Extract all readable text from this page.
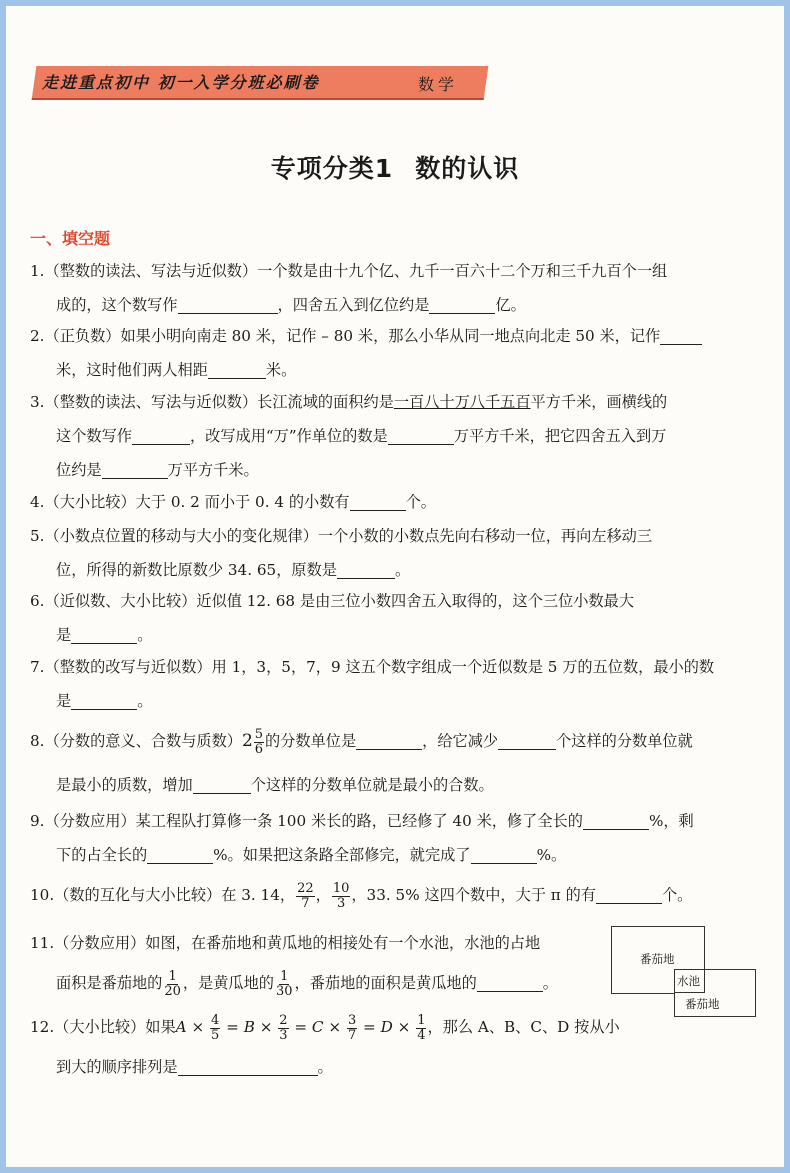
走进重点初中 初一入学分班必刷卷	数学
专项分类1 数的认识
一、填空题
1.（整数的读法、写法与近似数）一个数是由十九个亿、九千一百六十二个万和三千九百个一组
成的，这个数写作	，四舍五入到亿位约是	亿。
2.（正负数）如果小明向南走 80 米，记作 – 80 米，那么小华从同一地点向北走 50 米，记作
米，这时他们两人相距	米。
3.（整数的读法、写法与近似数）长江流域的面积约是一百八十万八千五百平方千米，画横线的
这个数写作	，改写成用“万”作单位的数是	万平方千米，把它四舍五入到万
位约是	万平方千米。
4.（大小比较）大于 0. 2 而小于 0. 4 的小数有	个。
5.（小数点位置的移动与大小的变化规律）一个小数的小数点先向右移动一位，再向左移动三
位，所得的新数比原数少 34. 65，原数是	。
6.（近似数、大小比较）近似值 12. 68 是由三位小数四舍五入取得的，这个三位小数最大
是	。
7.（整数的改写与近似数）用 1，3，5，7，9 这五个数字组成一个近似数是 5 万的五位数，最小的数
是	。
8.（分数的意义、合数与质数）$2 \frac{5}{6}$ 的分数单位是	，给它减少	个这样的分数单位就
是最小的质数，增加	个这样的分数单位就是最小的合数。
9.（分数应用）某工程队打算修一条 100 米长的路，已经修了 40 米，修了全长的	%，剩
下的占全长的	%。如果把这条路全部修完，就完成了	%。
10.（数的互化与大小比较）在 3. 14， $\frac{22}{7}$ ， $\frac{10}{3}$ ，33. 5% 这四个数中，大于 π 的有	个。
11.（分数应用）如图，在番茄地和黄瓜地的相接处有一个水池，水池的占地
面积是番茄地的 $\frac{1}{20}$ ，是黄瓜地的 $\frac{1}{30}$ ，番茄地的面积是黄瓜地的	。
番茄地
番茄地
水池
12.（大小比较）如果$A \times \frac{4}{5} = B \times \frac{2}{3} = C \times \frac{3}{7} = D \times \frac{1}{4}$ ，那么 A、B、C、D 按从小
到大的顺序排列是	。
